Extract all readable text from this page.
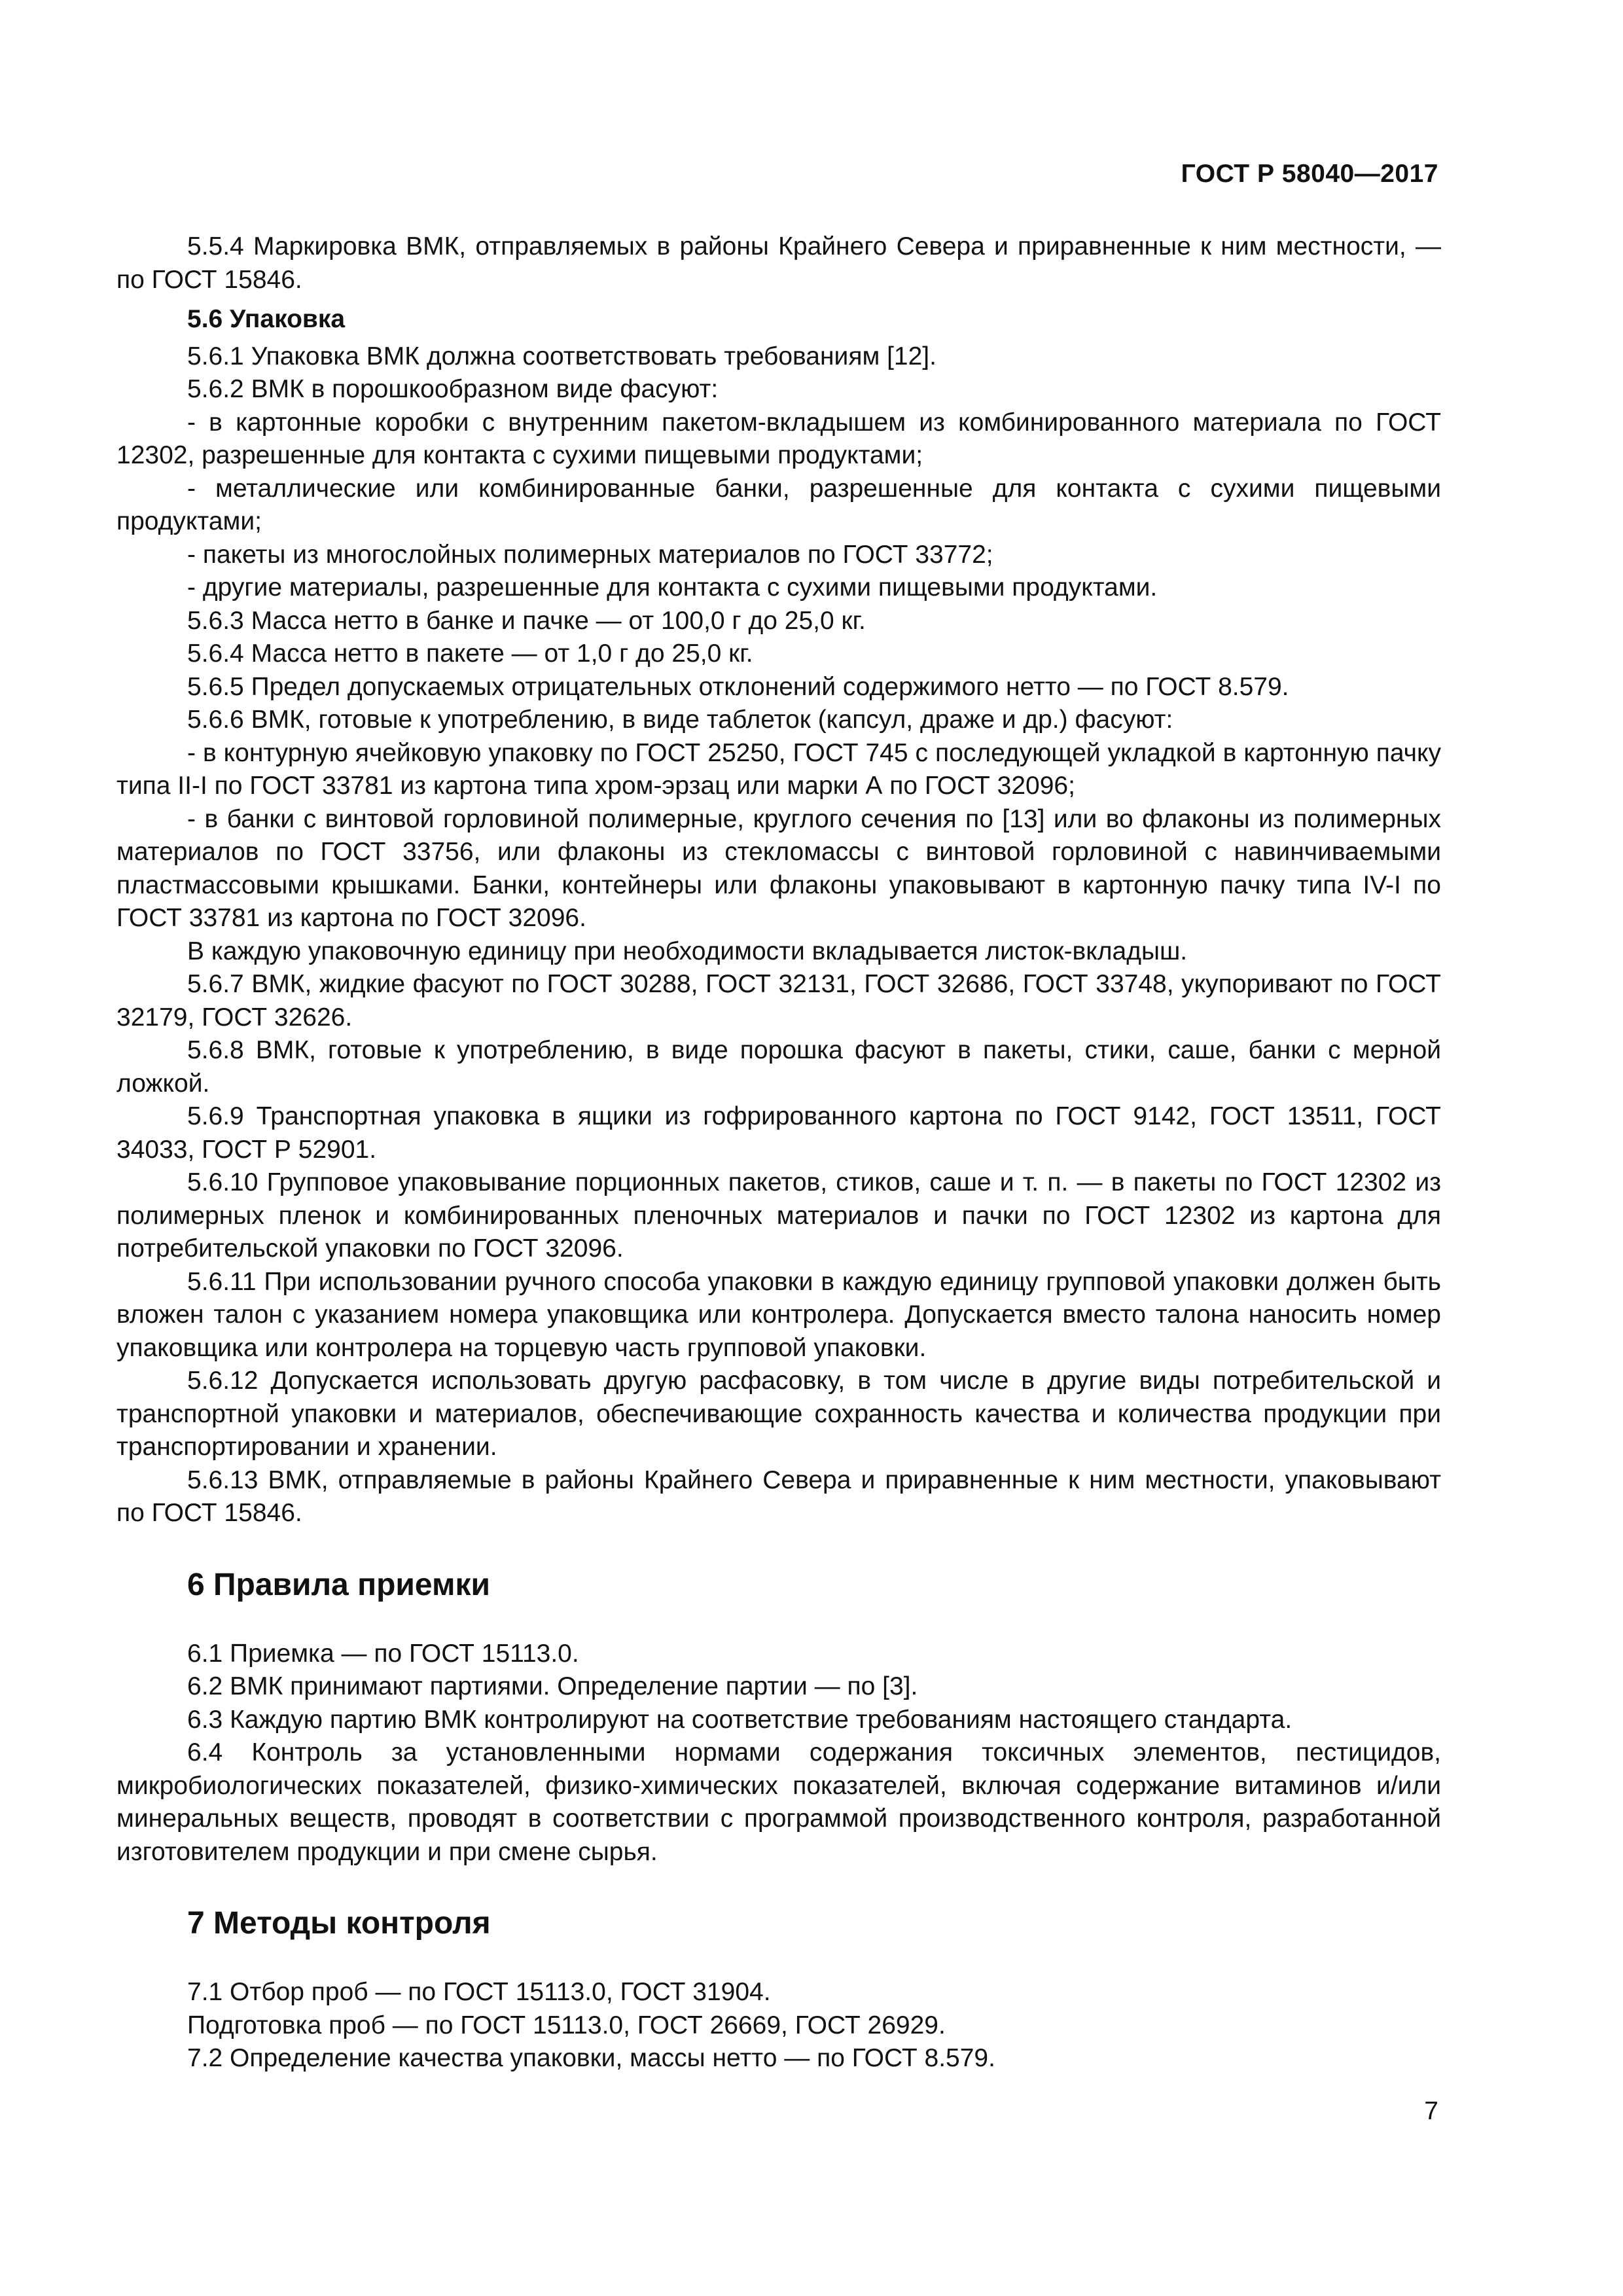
ГОСТ Р 58040—2017

5.5.4 Маркировка ВМК, отправляемых в районы Крайнего Севера и приравненные к ним местности, — по ГОСТ 15846.

5.6 Упаковка

5.6.1 Упаковка ВМК должна соответствовать требованиям [12].

5.6.2 ВМК в порошкообразном виде фасуют:

- в картонные коробки с внутренним пакетом-вкладышем из комбинированного материала по ГОСТ 12302, разрешенные для контакта с сухими пищевыми продуктами;

- металлические или комбинированные банки, разрешенные для контакта с сухими пищевыми продуктами;

- пакеты из многослойных полимерных материалов по ГОСТ 33772;

- другие материалы, разрешенные для контакта с сухими пищевыми продуктами.

5.6.3 Масса нетто в банке и пачке — от 100,0 г до 25,0 кг.

5.6.4 Масса нетто в пакете — от 1,0 г до 25,0 кг.

5.6.5 Предел допускаемых отрицательных отклонений содержимого нетто — по ГОСТ 8.579.

5.6.6 ВМК, готовые к употреблению, в виде таблеток (капсул, драже и др.) фасуют:

- в контурную ячейковую упаковку по ГОСТ 25250, ГОСТ 745 с последующей укладкой в картонную пачку типа II-I по ГОСТ 33781 из картона типа хром-эрзац или марки А по ГОСТ 32096;

- в банки с винтовой горловиной полимерные, круглого сечения по [13] или во флаконы из полимерных материалов по ГОСТ 33756, или флаконы из стекломассы с винтовой горловиной с навинчиваемыми пластмассовыми крышками. Банки, контейнеры или флаконы упаковывают в картонную пачку типа IV-I по ГОСТ 33781 из картона по ГОСТ 32096.

В каждую упаковочную единицу при необходимости вкладывается листок-вкладыш.

5.6.7 ВМК, жидкие фасуют по ГОСТ 30288, ГОСТ 32131, ГОСТ 32686, ГОСТ 33748, укупоривают по ГОСТ 32179, ГОСТ 32626.

5.6.8 ВМК, готовые к употреблению, в виде порошка фасуют в пакеты, стики, саше, банки с мерной ложкой.

5.6.9 Транспортная упаковка в ящики из гофрированного картона по ГОСТ 9142, ГОСТ 13511, ГОСТ 34033, ГОСТ Р 52901.

5.6.10 Групповое упаковывание порционных пакетов, стиков, саше и т. п. — в пакеты по ГОСТ 12302 из полимерных пленок и комбинированных пленочных материалов и пачки по ГОСТ 12302 из картона для потребительской упаковки по ГОСТ 32096.

5.6.11 При использовании ручного способа упаковки в каждую единицу групповой упаковки должен быть вложен талон с указанием номера упаковщика или контролера. Допускается вместо талона наносить номер упаковщика или контролера на торцевую часть групповой упаковки.

5.6.12 Допускается использовать другую расфасовку, в том числе в другие виды потребительской и транспортной упаковки и материалов, обеспечивающие сохранность качества и количества продукции при транспортировании и хранении.

5.6.13 ВМК, отправляемые в районы Крайнего Севера и приравненные к ним местности, упаковывают по ГОСТ 15846.

6 Правила приемки

6.1 Приемка — по ГОСТ 15113.0.

6.2 ВМК принимают партиями. Определение партии — по [3].

6.3 Каждую партию ВМК контролируют на соответствие требованиям настоящего стандарта.

6.4 Контроль за установленными нормами содержания токсичных элементов, пестицидов, микробиологических показателей, физико-химических показателей, включая содержание витаминов и/или минеральных веществ, проводят в соответствии с программой производственного контроля, разработанной изготовителем продукции и при смене сырья.

7 Методы контроля

7.1 Отбор проб — по ГОСТ 15113.0, ГОСТ 31904.

Подготовка проб — по ГОСТ 15113.0, ГОСТ 26669, ГОСТ 26929.

7.2 Определение качества упаковки, массы нетто — по ГОСТ 8.579.

7
